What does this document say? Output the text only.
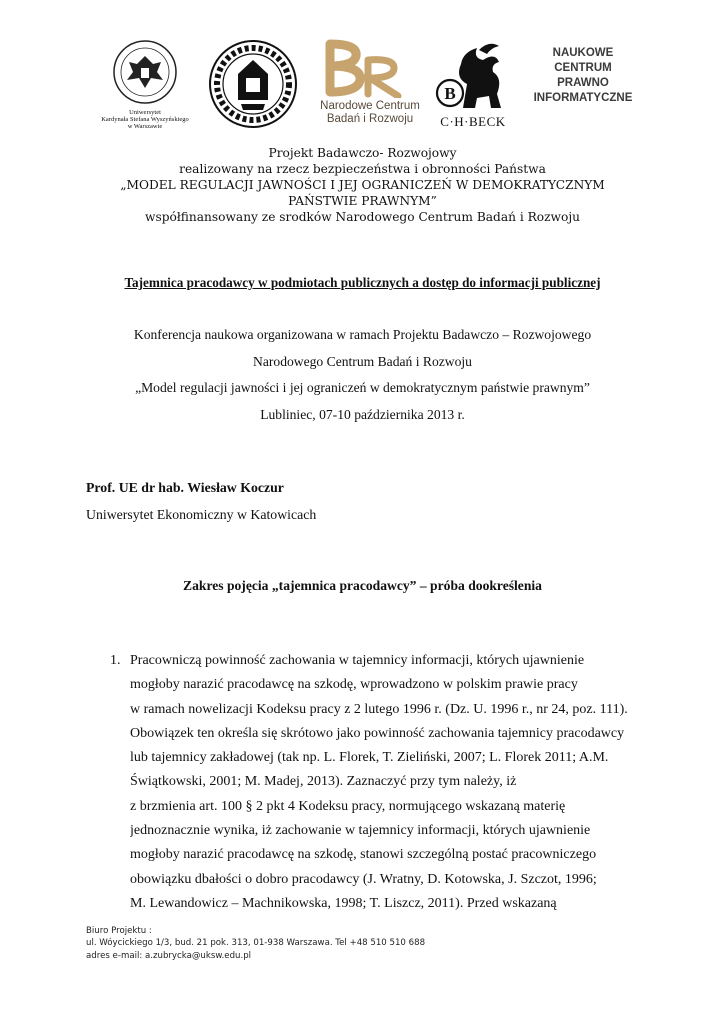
Uniwersytet
Kardynała Stefana Wyszyńskiego
w Warszawie
Narodowe Centrum
Badań i Rozwoju
B
C·H·BECK
NAUKOWE
CENTRUM
PRAWNO
INFORMATYCZNE
Projekt Badawczo- Rozwojowy
realizowany na rzecz bezpieczeństwa i obronności Państwa
„MODEL REGULACJI JAWNOŚCI I JEJ OGRANICZEŃ W DEMOKRATYCZNYM PAŃSTWIE PRAWNYM”
współfinansowany ze srodków Narodowego Centrum Badań i Rozwoju
Tajemnica pracodawcy w podmiotach publicznych a dostęp do informacji publicznej
Konferencja naukowa organizowana w ramach Projektu Badawczo – Rozwojowego
Narodowego Centrum Badań i Rozwoju
„Model regulacji jawności i jej ograniczeń w demokratycznym państwie prawnym”
Lubliniec, 07-10 października 2013 r.
Prof. UE dr hab. Wiesław Koczur
Uniwersytet Ekonomiczny w Katowicach
Zakres pojęcia „tajemnica pracodawcy” – próba dookreślenia
1. Pracowniczą powinność zachowania w tajemnicy informacji, których ujawnienie
mogłoby narazić pracodawcę na szkodę, wprowadzono w polskim prawie pracy
w ramach nowelizacji Kodeksu pracy z 2 lutego 1996 r. (Dz. U. 1996 r., nr 24, poz. 111).
Obowiązek ten określa się skrótowo jako powinność zachowania tajemnicy pracodawcy
lub tajemnicy zakładowej (tak np. L. Florek, T. Zieliński, 2007; L. Florek 2011; A.M.
Świątkowski, 2001; M. Madej, 2013). Zaznaczyć przy tym należy, iż
z brzmienia art. 100 § 2 pkt 4 Kodeksu pracy, normującego wskazaną materię
jednoznacznie wynika, iż zachowanie w tajemnicy informacji, których ujawnienie
mogłoby narazić pracodawcę na szkodę, stanowi szczególną postać pracowniczego
obowiązku dbałości o dobro pracodawcy (J. Wratny, D. Kotowska, J. Szczot, 1996;
M. Lewandowicz – Machnikowska, 1998; T. Liszcz, 2011). Przed wskazaną
Biuro Projektu :
ul. Wóycickiego 1/3, bud. 21 pok. 313, 01-938 Warszawa. Tel +48 510 510 688
adres e-mail: a.zubrycka@uksw.edu.pl
